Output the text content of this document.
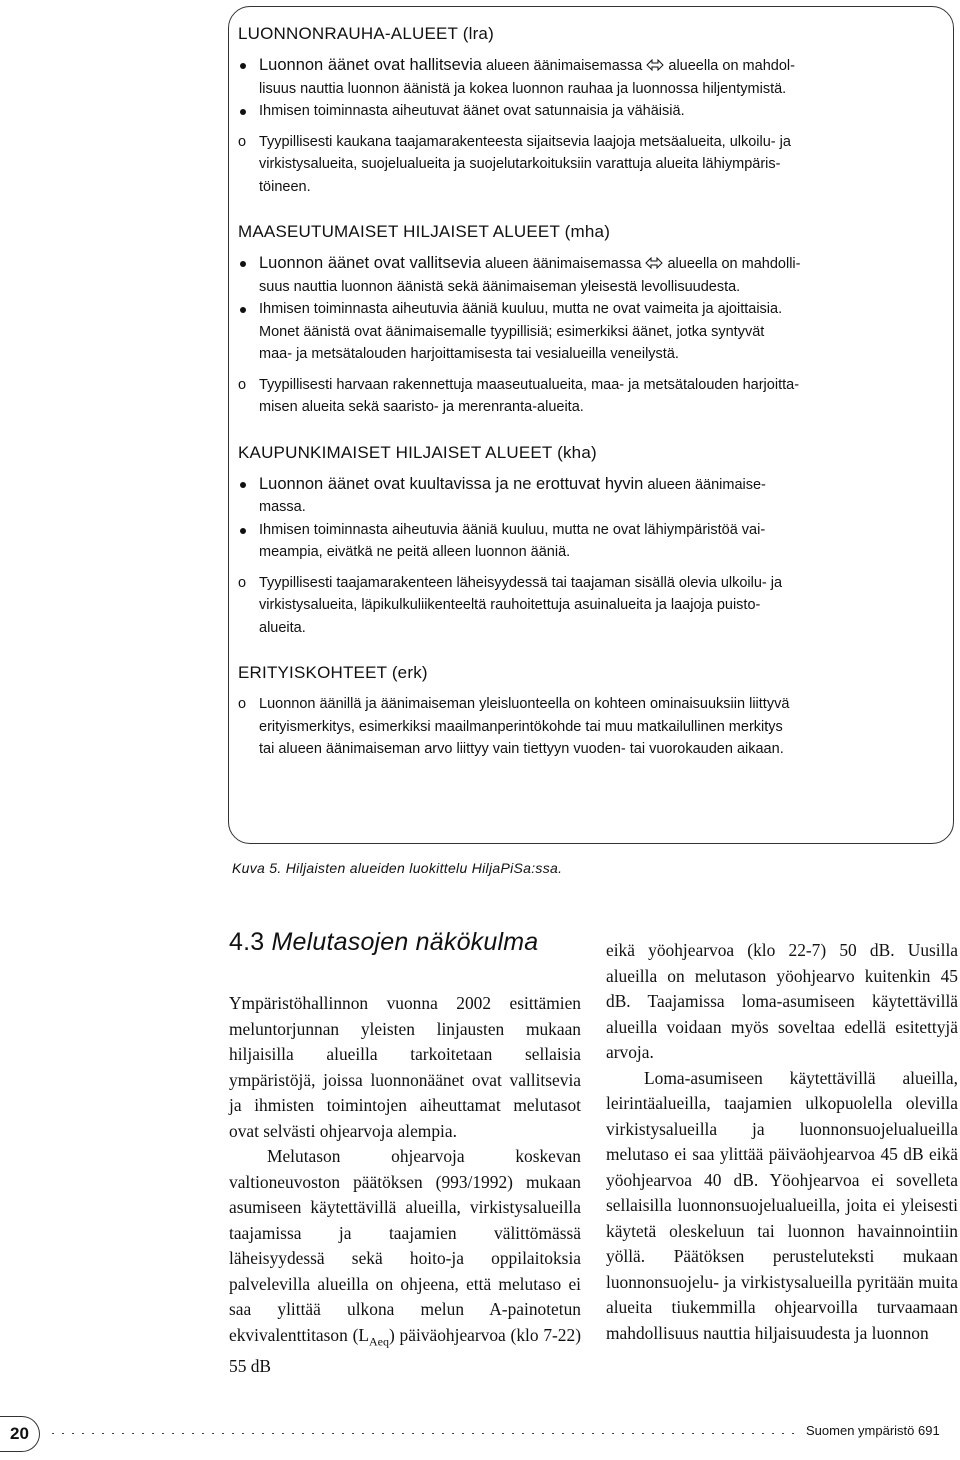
LUONNONRAUHA-ALUEET (lra)
Luonnon äänet ovat hallitsevia alueen äänimaisemassa alueella on mahdol-
lisuus nauttia luonnon äänistä ja kokea luonnon rauhaa ja luonnossa hiljentymistä.
Ihmisen toiminnasta aiheutuvat äänet ovat satunnaisia ja vähäisiä.
o Tyypillisesti kaukana taajamarakenteesta sijaitsevia laajoja metsäalueita, ulkoilu- ja
virkistysalueita, suojelualueita ja suojelutarkoituksiin varattuja alueita lähiympäris-
töineen.
MAASEUTUMAISET HILJAISET ALUEET (mha)
Luonnon äänet ovat vallitsevia alueen äänimaisemassa alueella on mahdolli-
suus nauttia luonnon äänistä sekä äänimaiseman yleisestä levollisuudesta.
Ihmisen toiminnasta aiheutuvia ääniä kuuluu, mutta ne ovat vaimeita ja ajoittaisia.
Monet äänistä ovat äänimaisemalle tyypillisiä; esimerkiksi äänet, jotka syntyvät
maa- ja metsätalouden harjoittamisesta tai vesialueilla veneilystä.
o Tyypillisesti harvaan rakennettuja maaseutualueita, maa- ja metsätalouden harjoitta-
misen alueita sekä saaristo- ja merenranta-alueita.
KAUPUNKIMAISET HILJAISET ALUEET (kha)
Luonnon äänet ovat kuultavissa ja ne erottuvat hyvin alueen äänimaise-
massa.
Ihmisen toiminnasta aiheutuvia ääniä kuuluu, mutta ne ovat lähiympäristöä vai-
meampia, eivätkä ne peitä alleen luonnon ääniä.
o Tyypillisesti taajamarakenteen läheisyydessä tai taajaman sisällä olevia ulkoilu- ja
virkistysalueita, läpikulkuliikenteeltä rauhoitettuja asuinalueita ja laajoja puisto-
alueita.
ERITYISKOHTEET (erk)
o Luonnon äänillä ja äänimaiseman yleisluonteella on kohteen ominaisuuksiin liittyvä
erityismerkitys, esimerkiksi maailmanperintökohde tai muu matkailullinen merkitys
tai alueen äänimaiseman arvo liittyy vain tiettyyn vuoden- tai vuorokauden aikaan.
Kuva 5. Hiljaisten alueiden luokittelu HiljaPiSa:ssa.
4.3 Melutasojen näkökulma

Ympäristöhallinnon vuonna 2002 esittämien meluntorjunnan yleisten linjausten mukaan hiljaisilla alueilla tarkoitetaan sellaisia ympäristöjä, joissa luonnonäänet ovat vallitsevia ja ihmisten toimintojen aiheuttamat melutasot ovat selvästi ohjearvoja alempia.

Melutason ohjearvoja koskevan valtioneuvoston päätöksen (993/1992) mukaan asumiseen käytettävillä alueilla, virkistysalueilla taajamissa ja taajamien välittömässä läheisyydessä sekä hoito-ja oppilaitoksia palvelevilla alueilla on ohjeena, että melutaso ei saa ylittää ulkona melun A-painotetun ekvivalenttitason $(L_{Aeq})$ päiväohjearvoa (klo 7-22) 55 dB

eikä yöohjearvoa (klo 22-7) 50 dB. Uusilla alueilla on melutason yöohjearvo kuitenkin 45 dB. Taajamissa loma-asumiseen käytettävillä alueilla voidaan myös soveltaa edellä esitettyjä arvoja.

Loma-asumiseen käytettävillä alueilla, leirintäalueilla, taajamien ulkopuolella olevilla virkistysalueilla ja luonnonsuojelualueilla melutaso ei saa ylittää päiväohjearvoa 45 dB eikä yöohjearvoa 40 dB. Yöohjearvoa ei sovelleta sellaisilla luonnonsuojelualueilla, joita ei yleisesti käytetä oleskeluun tai luonnon havainnointiin yöllä. Päätöksen perusteluteksti mukaan luonnonsuojelu- ja virkistysalueilla pyritään muita alueita tiukemmilla ohjearvoilla turvaamaan mahdollisuus nauttia hiljaisuudesta ja luonnon

20	Suomen ympäristö 691
